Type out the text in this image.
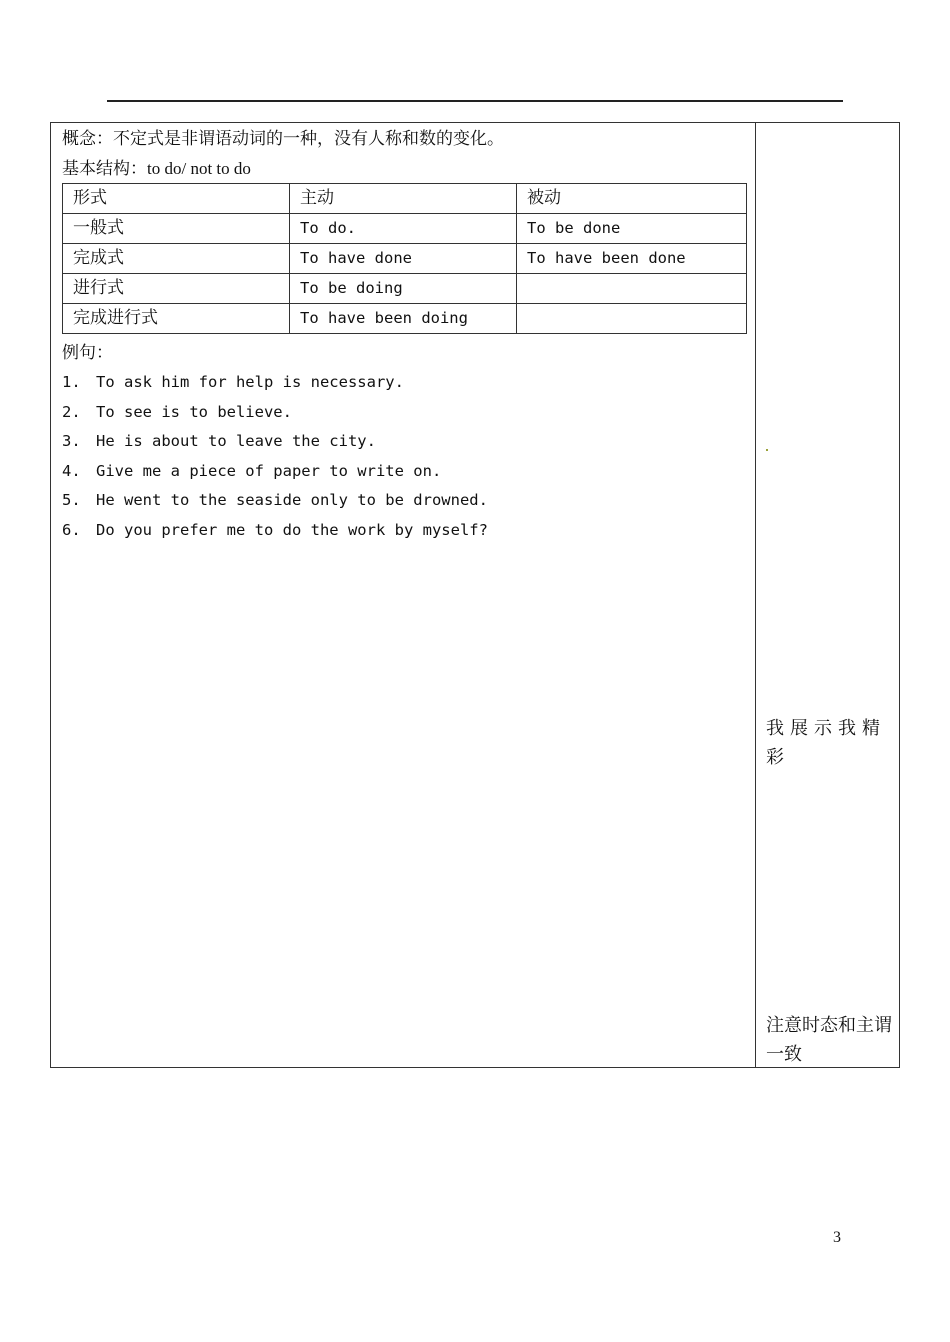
概念：不定式是非谓语动词的一种，没有人称和数的变化。
基本结构：to do/ not to do
形式	主动	被动
一般式	To do.	To be done
完成式	To have done	To have been done
进行式	To be doing	
完成进行式	To have been doing	
例句：
1. To ask him for help is necessary.
2. To see is to believe.
3. He is about to leave the city.
4. Give me a piece of paper to write on.
5. He went to the seaside only to be drowned.
6. Do you prefer me to do the work by myself?
我展示我精彩
注意时态和主谓一致
3
